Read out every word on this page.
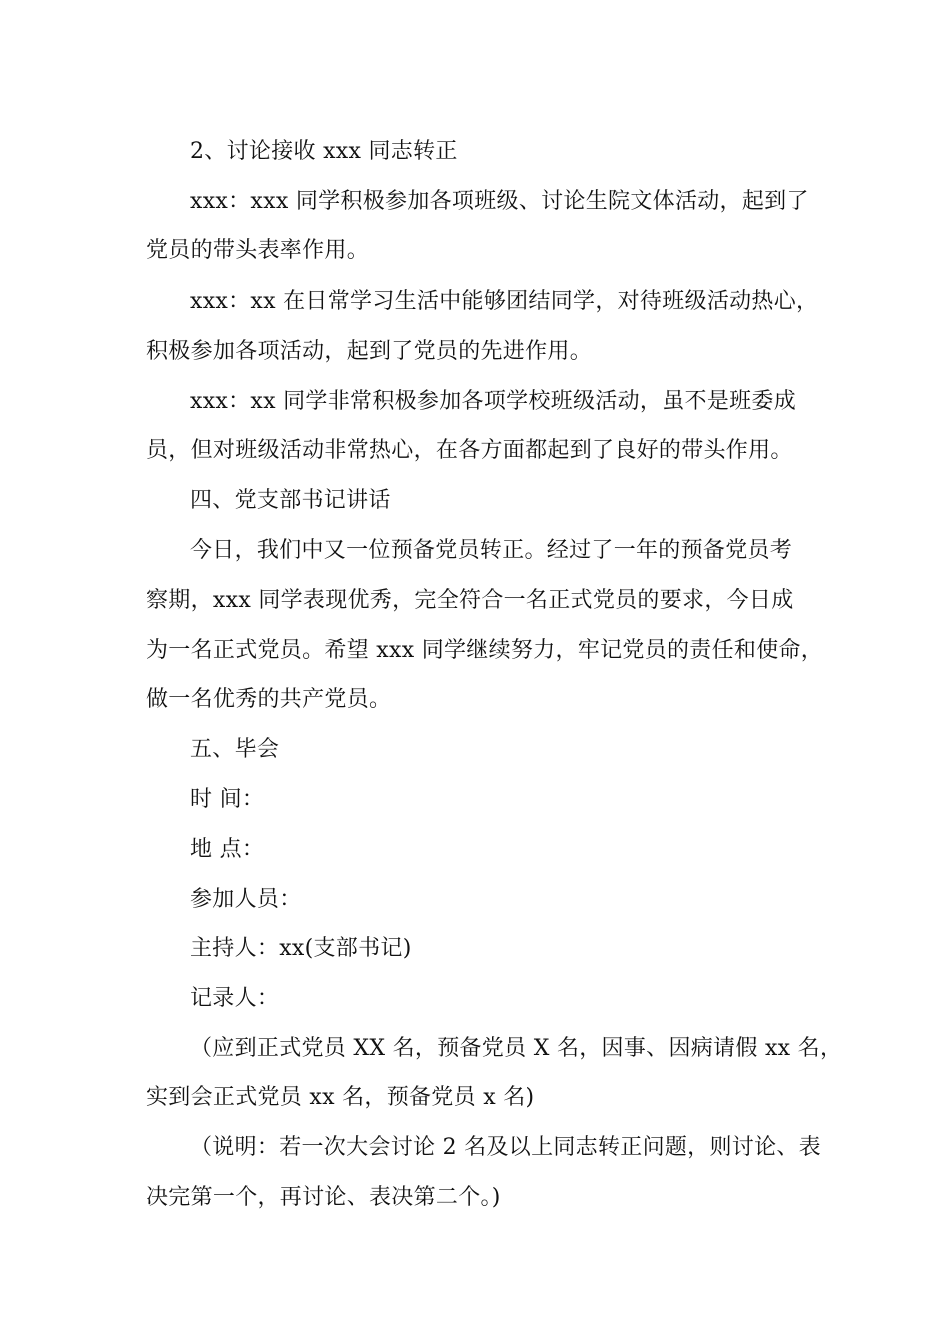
2、讨论接收 xxx 同志转正
xxx：xxx 同学积极参加各项班级、讨论生院文体活动，起到了
党员的带头表率作用。
xxx：xx 在日常学习生活中能够团结同学，对待班级活动热心，
积极参加各项活动，起到了党员的先进作用。
xxx：xx 同学非常积极参加各项学校班级活动，虽不是班委成
员，但对班级活动非常热心，在各方面都起到了良好的带头作用。
四、党支部书记讲话
今日，我们中又一位预备党员转正。经过了一年的预备党员考
察期，xxx 同学表现优秀，完全符合一名正式党员的要求，今日成
为一名正式党员。希望 xxx 同学继续努力，牢记党员的责任和使命，
做一名优秀的共产党员。
五、毕会
时 间：
地 点：
参加人员：
主持人：xx(支部书记)
记录人：
（应到正式党员 XX 名，预备党员 X 名，因事、因病请假 xx 名，
实到会正式党员 xx 名，预备党员 x 名)
（说明：若一次大会讨论 2 名及以上同志转正问题，则讨论、表
决完第一个，再讨论、表决第二个。)
